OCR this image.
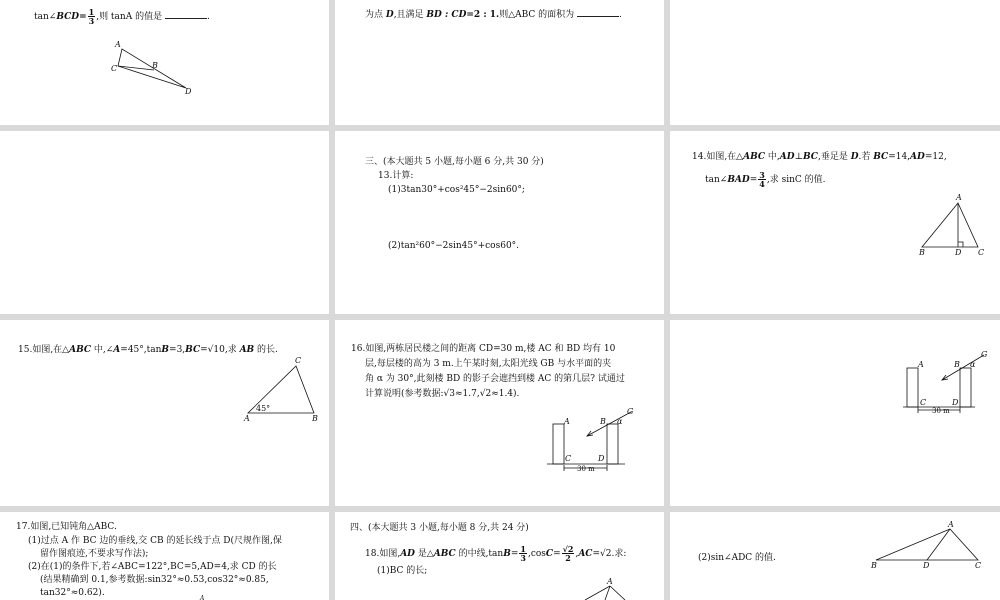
tan∠BCD= $\frac{1}{3}$ ,则 tanA 的值是	.
A
C	B
D
为点 D,且满足 BD : CD=2 : 1.则△ABC 的面积为	.
三、(本大题共 5 小题,每小题 6 分,共 30 分)
13.计算:
(1)3tan30°+cos²45°−2sin60°;
(2)tan²60°−2sin45°+cos60°.
14.如图,在△ABC 中,AD⊥BC,垂足是 D.若 BC=14,AD=12,
tan∠BAD= $\frac{3}{4}$ ,求 sinC 的值.
A
B	D C
15.如图,在△ABC 中,∠A=45°,tanB=3,BC=√10,求 AB 的长.
C
A	B
45°
16.如图,两栋居民楼之间的距离 CD=30 m,楼 AC 和 BD 均有 10
层,每层楼的高为 3 m.上午某时刻,太阳光线 GB 与水平面的夹
角 α 为 30°,此刻楼 BD 的影子会遮挡到楼 AC 的第几层? 试通过
计算说明(参考数据:√3≈1.7,√2≈1.4).
30 m
A	B α
G
C	D
30 m
A	B α
G
C	D
17.如图,已知钝角△ABC.
(1)过点 A 作 BC 边的垂线,交 CB 的延长线于点 D(尺规作图,保
留作图痕迹,不要求写作法);
(2)在(1)的条件下,若∠ABC=122°,BC=5,AD=4,求 CD 的长
(结果精确到 0.1,参考数据:sin32°≈0.53,cos32°≈0.85,
tan32°≈0.62).
A
四、(本大题共 3 小题,每小题 8 分,共 24 分)
18.如图,AD 是△ABC 的中线$,\tan B= \frac{1}{3} ,\cos C= \frac{√2}{2} ,AC=√2$.求:
(1)BC 的长;
A
(2)sin∠ADC 的值.
A
B	D	C
